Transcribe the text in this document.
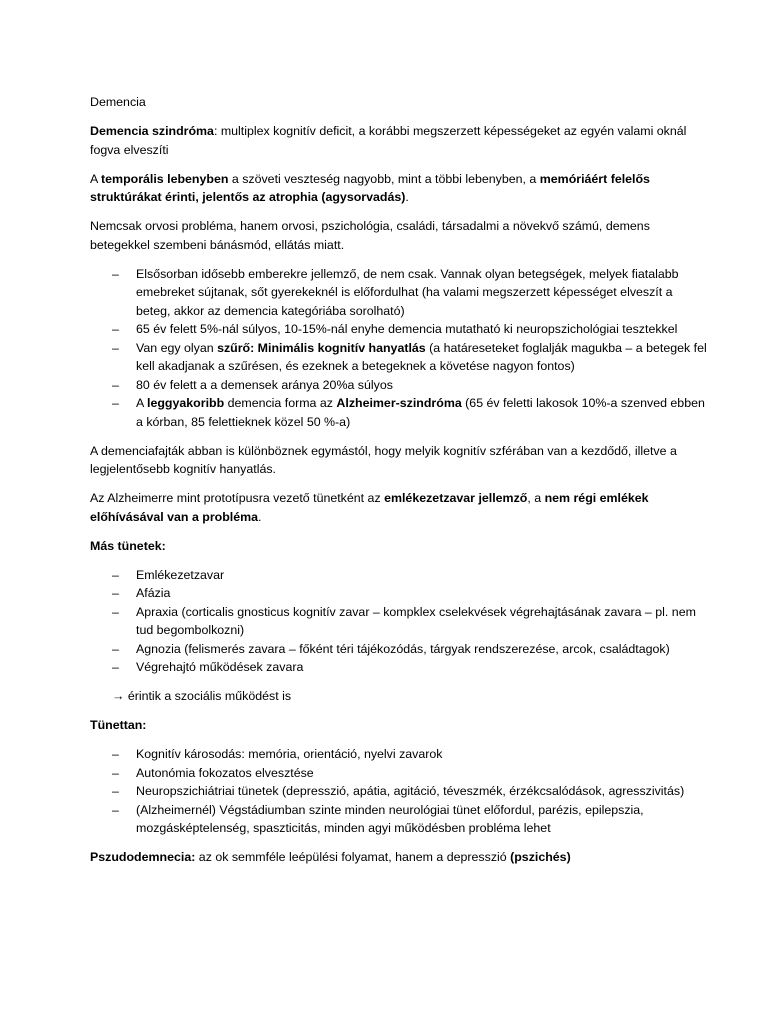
Demencia

Demencia szindróma: multiplex kognitív deficit, a korábbi megszerzett képességeket az egyén valami oknál fogva elveszíti

A temporális lebenyben a szöveti veszteség nagyobb, mint a többi lebenyben, a memóriáért felelős struktúrákat érinti, jelentős az atrophia (agysorvadás).

Nemcsak orvosi probléma, hanem orvosi, pszichológia, családi, társadalmi a növekvő számú, demens betegekkel szembeni bánásmód, ellátás miatt.

– Elsősorban idősebb emberekre jellemző, de nem csak. Vannak olyan betegségek, melyek fiatalabb emebreket sújtanak, sőt gyerekeknél is előfordulhat (ha valami megszerzett képességet elveszít a beteg, akkor az demencia kategóriába sorolható)
– 65 év felett 5%-nál súlyos, 10-15%-nál enyhe demencia mutatható ki neuropszichológiai tesztekkel
– Van egy olyan szűrő: Minimális kognitív hanyatlás (a határeseteket foglalják magukba – a betegek fel kell akadjanak a szűrésen, és ezeknek a betegeknek a követése nagyon fontos)
– 80 év felett a a demensek aránya 20%a súlyos
– A leggyakoribb demencia forma az Alzheimer-szindróma (65 év feletti lakosok 10%-a szenved ebben a kórban, 85 felettieknek közel 50 %-a)

A demenciafajták abban is különböznek egymástól, hogy melyik kognitív szférában van a kezdődő, illetve a legjelentősebb kognitív hanyatlás.

Az Alzheimerre mint prototípusra vezető tünetként az emlékezetzavar jellemző, a nem régi emlékek előhívásával van a probléma.

Más tünetek:

– Emlékezetzavar
– Afázia
– Apraxia (corticalis gnosticus kognitív zavar – kompklex cselekvések végrehajtásának zavara – pl. nem tud begombolkozni)
– Agnozia (felismerés zavara – főként téri tájékozódás, tárgyak rendszerezése, arcok, családtagok)
– Végrehajtó működések zavara

→ érintik a szociális működést is

Tünettan:

– Kognitív károsodás: memória, orientáció, nyelvi zavarok
– Autonómia fokozatos elvesztése
– Neuropszichiátriai tünetek (depresszió, apátia, agitáció, téveszmék, érzékcsalódások, agresszivitás)
– (Alzheimernél) Végstádiumban szinte minden neurológiai tünet előfordul, parézis, epilepszia, mozgásképtelenség, spaszticitás, minden agyi működésben probléma lehet

Pszudodemnecia: az ok semmféle leépülési folyamat, hanem a depresszió (pszichés)
